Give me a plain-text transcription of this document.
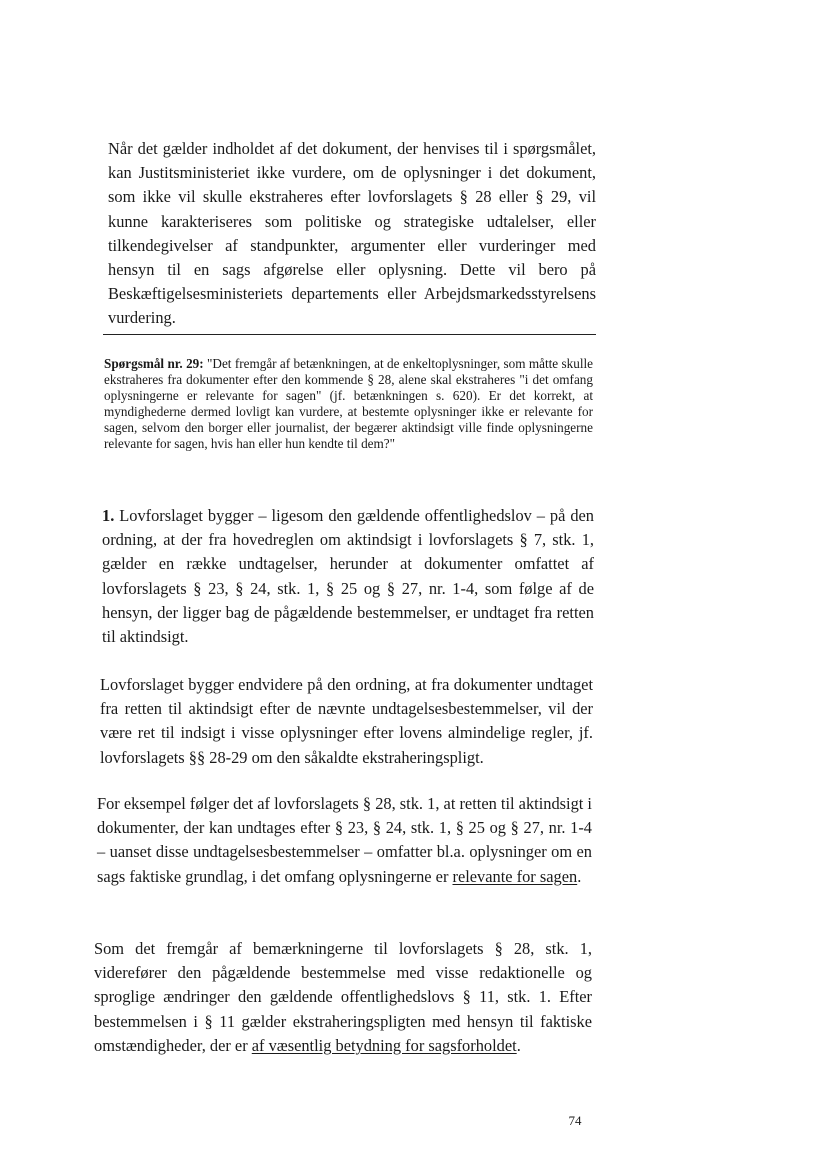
Når det gælder indholdet af det dokument, der henvises til i spørgsmålet, kan Justitsministeriet ikke vurdere, om de oplysninger i det dokument, som ikke vil skulle ekstraheres efter lovforslagets § 28 eller § 29, vil kunne karakteriseres som politiske og strategiske udtalelser, eller tilkendegivelser af standpunkter, argumenter eller vurderinger med hensyn til en sags afgørelse eller oplysning. Dette vil bero på Beskæftigelsesministeriets departements eller Arbejdsmarkedsstyrelsens vurdering.

Spørgsmål nr. 29: "Det fremgår af betænkningen, at de enkeltoplysninger, som måtte skulle ekstraheres fra dokumenter efter den kommende § 28, alene skal ekstraheres "i det omfang oplysningerne er relevante for sagen" (jf. betænkningen s. 620). Er det korrekt, at myndighederne dermed lovligt kan vurdere, at bestemte oplysninger ikke er relevante for sagen, selvom den borger eller journalist, der begærer aktindsigt ville finde oplysningerne relevante for sagen, hvis han eller hun kendte til dem?"

1. Lovforslaget bygger – ligesom den gældende offentlighedslov – på den ordning, at der fra hovedreglen om aktindsigt i lovforslagets § 7, stk. 1, gælder en række undtagelser, herunder at dokumenter omfattet af lovforslagets § 23, § 24, stk. 1, § 25 og § 27, nr. 1-4, som følge af de hensyn, der ligger bag de pågældende bestemmelser, er undtaget fra retten til aktindsigt.

Lovforslaget bygger endvidere på den ordning, at fra dokumenter undtaget fra retten til aktindsigt efter de nævnte undtagelsesbestemmelser, vil der være ret til indsigt i visse oplysninger efter lovens almindelige regler, jf. lovforslagets §§ 28-29 om den såkaldte ekstraheringspligt.

For eksempel følger det af lovforslagets § 28, stk. 1, at retten til aktindsigt i dokumenter, der kan undtages efter § 23, § 24, stk. 1, § 25 og § 27, nr. 1-4 – uanset disse undtagelsesbestemmelser – omfatter bl.a. oplysninger om en sags faktiske grundlag, i det omfang oplysningerne er relevante for sagen.

Som det fremgår af bemærkningerne til lovforslagets § 28, stk. 1, viderefører den pågældende bestemmelse med visse redaktionelle og sproglige ændringer den gældende offentlighedslovs § 11, stk. 1. Efter bestemmelsen i § 11 gælder ekstraheringspligten med hensyn til faktiske omstændigheder, der er af væsentlig betydning for sagsforholdet.

74
